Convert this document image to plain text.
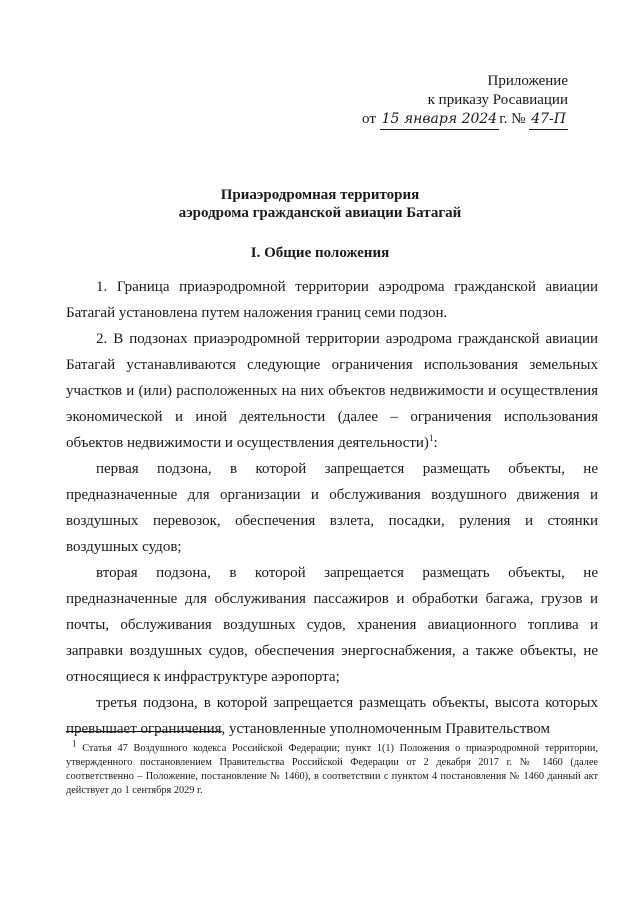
Приложение
к приказу Росавиации
от 15 января 2024 г. № 47-П
Приаэродромная территория
аэродрома гражданской авиации Батагай
I. Общие положения

1. Граница приаэродромной территории аэродрома гражданской авиации Батагай установлена путем наложения границ семи подзон.

2. В подзонах приаэродромной территории аэродрома гражданской авиации Батагай устанавливаются следующие ограничения использования земельных участков и (или) расположенных на них объектов недвижимости и осуществления экономической и иной деятельности (далее – ограничения использования объектов недвижимости и осуществления деятельности)$^1$:

первая подзона, в которой запрещается размещать объекты, не предназначенные для организации и обслуживания воздушного движения и воздушных перевозок, обеспечения взлета, посадки, руления и стоянки воздушных судов;

вторая подзона, в которой запрещается размещать объекты, не предназначенные для обслуживания пассажиров и обработки багажа, грузов и почты, обслуживания воздушных судов, хранения авиационного топлива и заправки воздушных судов, обеспечения энергоснабжения, а также объекты, не относящиеся к инфраструктуре аэропорта;

третья подзона, в которой запрещается размещать объекты, высота которых превышает ограничения, установленные уполномоченным Правительством

$^1$ Статья 47 Воздушного кодекса Российской Федерации; пункт 1(1) Положения о приаэродромной территории, утвержденного постановлением Правительства Российской Федерации от 2 декабря 2017 г. № 1460 (далее соответственно – Положение, постановление № 1460), в соответствии с пунктом 4 постановления № 1460 данный акт действует до 1 сентября 2029 г.
